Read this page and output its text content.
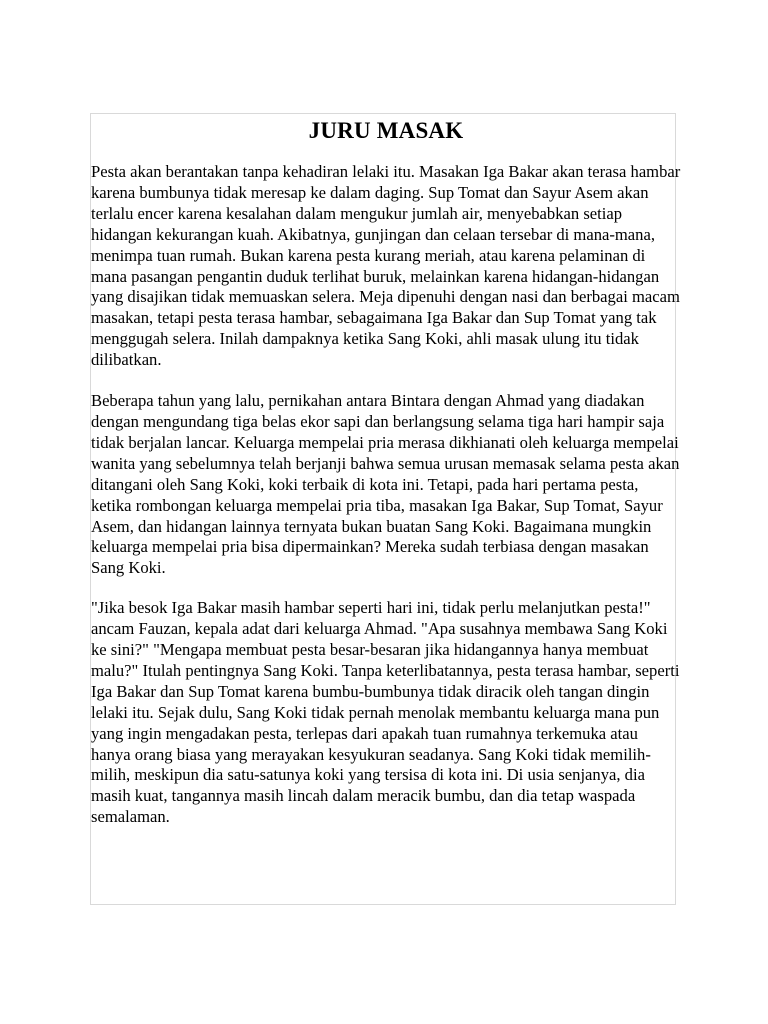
JURU MASAK

Pesta akan berantakan tanpa kehadiran lelaki itu. Masakan Iga Bakar akan terasa hambar karena bumbunya tidak meresap ke dalam daging. Sup Tomat dan Sayur Asem akan terlalu encer karena kesalahan dalam mengukur jumlah air, menyebabkan setiap hidangan kekurangan kuah. Akibatnya, gunjingan dan celaan tersebar di mana-mana, menimpa tuan rumah. Bukan karena pesta kurang meriah, atau karena pelaminan di mana pasangan pengantin duduk terlihat buruk, melainkan karena hidangan-hidangan yang disajikan tidak memuaskan selera. Meja dipenuhi dengan nasi dan berbagai macam masakan, tetapi pesta terasa hambar, sebagaimana Iga Bakar dan Sup Tomat yang tak menggugah selera. Inilah dampaknya ketika Sang Koki, ahli masak ulung itu tidak dilibatkan.

Beberapa tahun yang lalu, pernikahan antara Bintara dengan Ahmad yang diadakan dengan mengundang tiga belas ekor sapi dan berlangsung selama tiga hari hampir saja tidak berjalan lancar. Keluarga mempelai pria merasa dikhianati oleh keluarga mempelai wanita yang sebelumnya telah berjanji bahwa semua urusan memasak selama pesta akan ditangani oleh Sang Koki, koki terbaik di kota ini. Tetapi, pada hari pertama pesta, ketika rombongan keluarga mempelai pria tiba, masakan Iga Bakar, Sup Tomat, Sayur Asem, dan hidangan lainnya ternyata bukan buatan Sang Koki. Bagaimana mungkin keluarga mempelai pria bisa dipermainkan? Mereka sudah terbiasa dengan masakan Sang Koki.

"Jika besok Iga Bakar masih hambar seperti hari ini, tidak perlu melanjutkan pesta!" ancam Fauzan, kepala adat dari keluarga Ahmad. "Apa susahnya membawa Sang Koki ke sini?" "Mengapa membuat pesta besar-besaran jika hidangannya hanya membuat malu?" Itulah pentingnya Sang Koki. Tanpa keterlibatannya, pesta terasa hambar, seperti Iga Bakar dan Sup Tomat karena bumbu-bumbunya tidak diracik oleh tangan dingin lelaki itu. Sejak dulu, Sang Koki tidak pernah menolak membantu keluarga mana pun yang ingin mengadakan pesta, terlepas dari apakah tuan rumahnya terkemuka atau hanya orang biasa yang merayakan kesyukuran seadanya. Sang Koki tidak memilih-milih, meskipun dia satu-satunya koki yang tersisa di kota ini. Di usia senjanya, dia masih kuat, tangannya masih lincah dalam meracik bumbu, dan dia tetap waspada semalaman.
